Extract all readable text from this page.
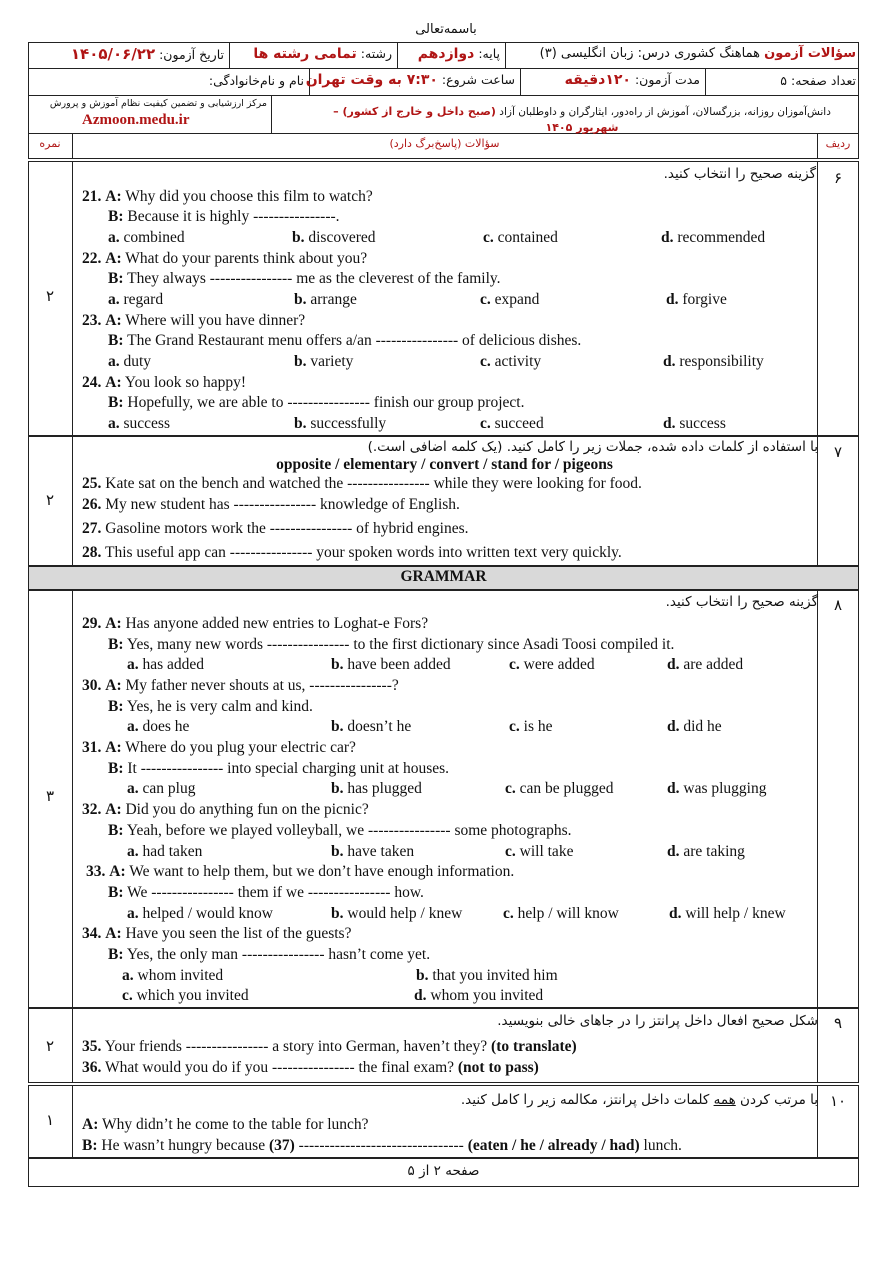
باسمه‌تعالی
سؤالات آزمون هماهنگ کشوری درس: زبان انگلیسی (۳)
پایه: دوازدهم
رشته: تمامی رشته ها
تاریخ آزمون: ۱۴۰۵/۰۶/۲۲
تعداد صفحه: ۵
مدت آزمون: ۱۲۰دقیقه
ساعت شروع: ۷:۳۰ به وقت تهران
نام و نام‌خانوادگی:
دانش‌آموزان روزانه، بزرگسالان، آموزش از راه‌دور، ایثارگران و داوطلبان آزاد (صبح داخل و خارج از کشور) – شهریور ۱۴۰۵
مرکز ارزشیابی و تضمین کیفیت نظام آموزش و پرورش
Azmoon.medu.ir
ردیف
سؤالات (پاسخ‌برگ دارد)
نمره
۶
۲
گزینه صحیح را انتخاب کنید.
21. A: Why did you choose this film to watch?
B: Because it is highly ----------------.
a. combined	b. discovered	c. contained	d. recommended
22. A: What do your parents think about you?
B: They always ---------------- me as the cleverest of the family.
a. regard	b. arrange	c. expand	d. forgive
23. A: Where will you have dinner?
B: The Grand Restaurant menu offers a/an ---------------- of delicious dishes.
a. duty	b. variety	c. activity	d. responsibility
24. A: You look so happy!
B: Hopefully, we are able to ---------------- finish our group project.
a. success	b. successfully	c. succeed	d. success
۷
۲
با استفاده از کلمات داده شده، جملات زیر را کامل کنید. (یک کلمه اضافی است.)
opposite / elementary / convert / stand for / pigeons
25. Kate sat on the bench and watched the ---------------- while they were looking for food.
26. My new student has ---------------- knowledge of English.
27. Gasoline motors work the ---------------- of hybrid engines.
28. This useful app can ---------------- your spoken words into written text very quickly.
GRAMMAR
۸
۳
گزینه صحیح را انتخاب کنید.
29. A: Has anyone added new entries to Loghat-e Fors?
B: Yes, many new words ---------------- to the first dictionary since Asadi Toosi compiled it.
a. has added	b. have been added	c. were added	d. are added
30. A: My father never shouts at us, ----------------?
B: Yes, he is very calm and kind.
a. does he	b. doesn’t he	c. is he	d. did he
31. A: Where do you plug your electric car?
B: It ---------------- into special charging unit at houses.
a. can plug	b. has plugged	c. can be plugged	d. was plugging
32. A: Did you do anything fun on the picnic?
B: Yeah, before we played volleyball, we ---------------- some photographs.
a. had taken	b. have taken	c. will take	d. are taking
33. A: We want to help them, but we don’t have enough information.
B: We ---------------- them if we ---------------- how.
a. helped / would know	b. would help / knew	c. help / will know	d. will help / knew
34. A: Have you seen the list of the guests?
B: Yes, the only man ---------------- hasn’t come yet.
a. whom invited	b. that you invited him
c. which you invited	d. whom you invited
۹
۲
شکل صحیح افعال داخل پرانتز را در جاهای خالی بنویسید.
35. Your friends ---------------- a story into German, haven’t they? (to translate)
36. What would you do if you ---------------- the final exam? (not to pass)
۱۰
۱
با مرتب کردن همه کلمات داخل پرانتز، مکالمه زیر را کامل کنید.
A: Why didn’t he come to the table for lunch?
B: He wasn’t hungry because (37) -------------------------------- (eaten / he / already / had) lunch.
صفحه ۲ از ۵
